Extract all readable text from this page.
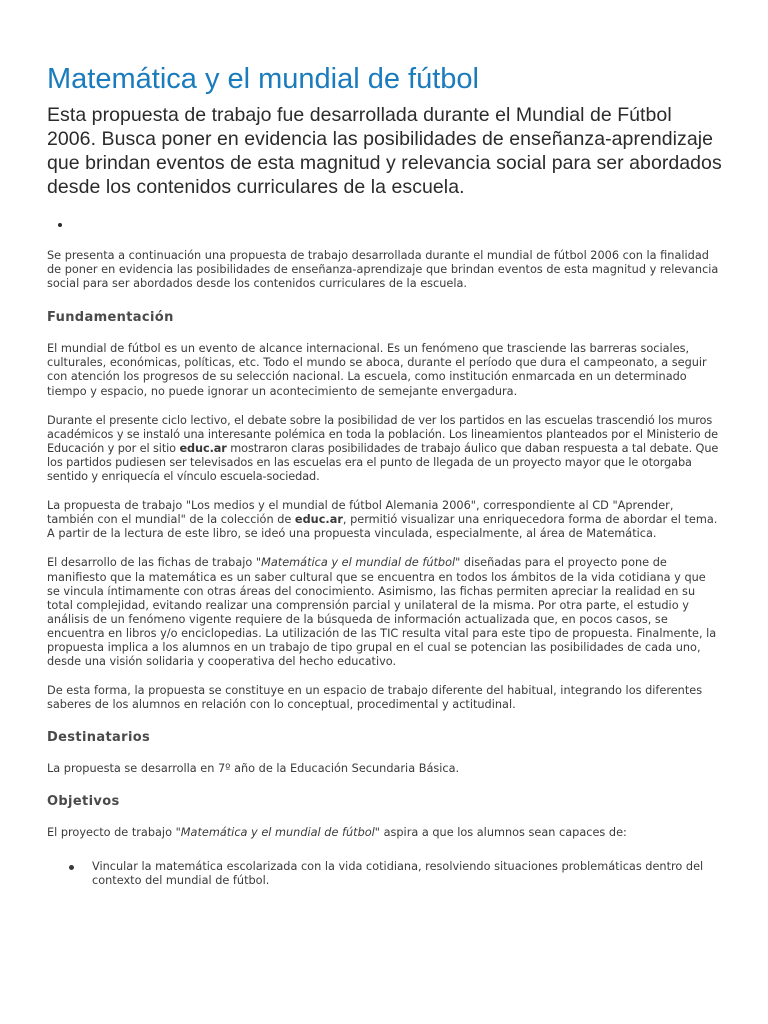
Matemática y el mundial de fútbol

Esta propuesta de trabajo fue desarrollada durante el Mundial de Fútbol 2006. Busca poner en evidencia las posibilidades de enseñanza-aprendizaje que brindan eventos de esta magnitud y relevancia social para ser abordados desde los contenidos curriculares de la escuela.

•

Se presenta a continuación una propuesta de trabajo desarrollada durante el mundial de fútbol 2006 con la finalidad de poner en evidencia las posibilidades de enseñanza-aprendizaje que brindan eventos de esta magnitud y relevancia social para ser abordados desde los contenidos curriculares de la escuela.

Fundamentación

El mundial de fútbol es un evento de alcance internacional. Es un fenómeno que trasciende las barreras sociales, culturales, económicas, políticas, etc. Todo el mundo se aboca, durante el período que dura el campeonato, a seguir con atención los progresos de su selección nacional. La escuela, como institución enmarcada en un determinado tiempo y espacio, no puede ignorar un acontecimiento de semejante envergadura.

Durante el presente ciclo lectivo, el debate sobre la posibilidad de ver los partidos en las escuelas trascendió los muros académicos y se instaló una interesante polémica en toda la población. Los lineamientos planteados por el Ministerio de Educación y por el sitio educ.ar mostraron claras posibilidades de trabajo áulico que daban respuesta a tal debate. Que los partidos pudiesen ser televisados en las escuelas era el punto de llegada de un proyecto mayor que le otorgaba sentido y enriquecía el vínculo escuela-sociedad.

La propuesta de trabajo "Los medios y el mundial de fútbol Alemania 2006", correspondiente al CD "Aprender, también con el mundial" de la colección de educ.ar, permitió visualizar una enriquecedora forma de abordar el tema. A partir de la lectura de este libro, se ideó una propuesta vinculada, especialmente, al área de Matemática.

El desarrollo de las fichas de trabajo "Matemática y el mundial de fútbol" diseñadas para el proyecto pone de manifiesto que la matemática es un saber cultural que se encuentra en todos los ámbitos de la vida cotidiana y que se vincula íntimamente con otras áreas del conocimiento. Asimismo, las fichas permiten apreciar la realidad en su total complejidad, evitando realizar una comprensión parcial y unilateral de la misma. Por otra parte, el estudio y análisis de un fenómeno vigente requiere de la búsqueda de información actualizada que, en pocos casos, se encuentra en libros y/o enciclopedias. La utilización de las TIC resulta vital para este tipo de propuesta. Finalmente, la propuesta implica a los alumnos en un trabajo de tipo grupal en el cual se potencian las posibilidades de cada uno, desde una visión solidaria y cooperativa del hecho educativo.

De esta forma, la propuesta se constituye en un espacio de trabajo diferente del habitual, integrando los diferentes saberes de los alumnos en relación con lo conceptual, procedimental y actitudinal.

Destinatarios

La propuesta se desarrolla en 7º año de la Educación Secundaria Básica.

Objetivos

El proyecto de trabajo "Matemática y el mundial de fútbol" aspira a que los alumnos sean capaces de:

Vincular la matemática escolarizada con la vida cotidiana, resolviendo situaciones problemáticas dentro del contexto del mundial de fútbol.
